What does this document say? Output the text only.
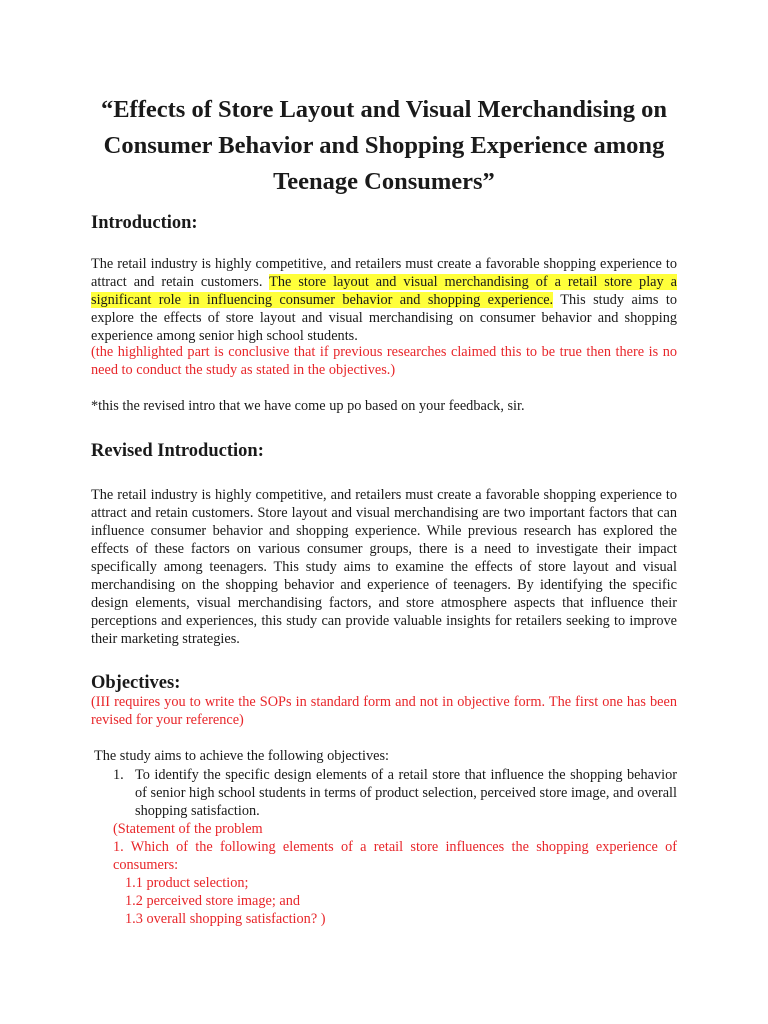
“Effects of Store Layout and Visual Merchandising on Consumer Behavior and Shopping Experience among Teenage Consumers”
Introduction:

The retail industry is highly competitive, and retailers must create a favorable shopping experience to attract and retain customers. The store layout and visual merchandising of a retail store play a significant role in influencing consumer behavior and shopping experience. This study aims to explore the effects of store layout and visual merchandising on consumer behavior and shopping experience among senior high school students.

(the highlighted part is conclusive that if previous researches claimed this to be true then there is no need to conduct the study as stated in the objectives.)

*this the revised intro that we have come up po based on your feedback, sir.

Revised Introduction:

The retail industry is highly competitive, and retailers must create a favorable shopping experience to attract and retain customers. Store layout and visual merchandising are two important factors that can influence consumer behavior and shopping experience. While previous research has explored the effects of these factors on various consumer groups, there is a need to investigate their impact specifically among teenagers. This study aims to examine the effects of store layout and visual merchandising on the shopping behavior and experience of teenagers. By identifying the specific design elements, visual merchandising factors, and store atmosphere aspects that influence their perceptions and experiences, this study can provide valuable insights for retailers seeking to improve their marketing strategies.

Objectives:

(III requires you to write the SOPs in standard form and not in objective form. The first one has been revised for your reference)

The study aims to achieve the following objectives:

1. To identify the specific design elements of a retail store that influence the shopping behavior of senior high school students in terms of product selection, perceived store image, and overall shopping satisfaction.

(Statement of the problem

1. Which of the following elements of a retail store influences the shopping experience of consumers:

1.1 product selection;

1.2 perceived store image; and

1.3 overall shopping satisfaction? )
